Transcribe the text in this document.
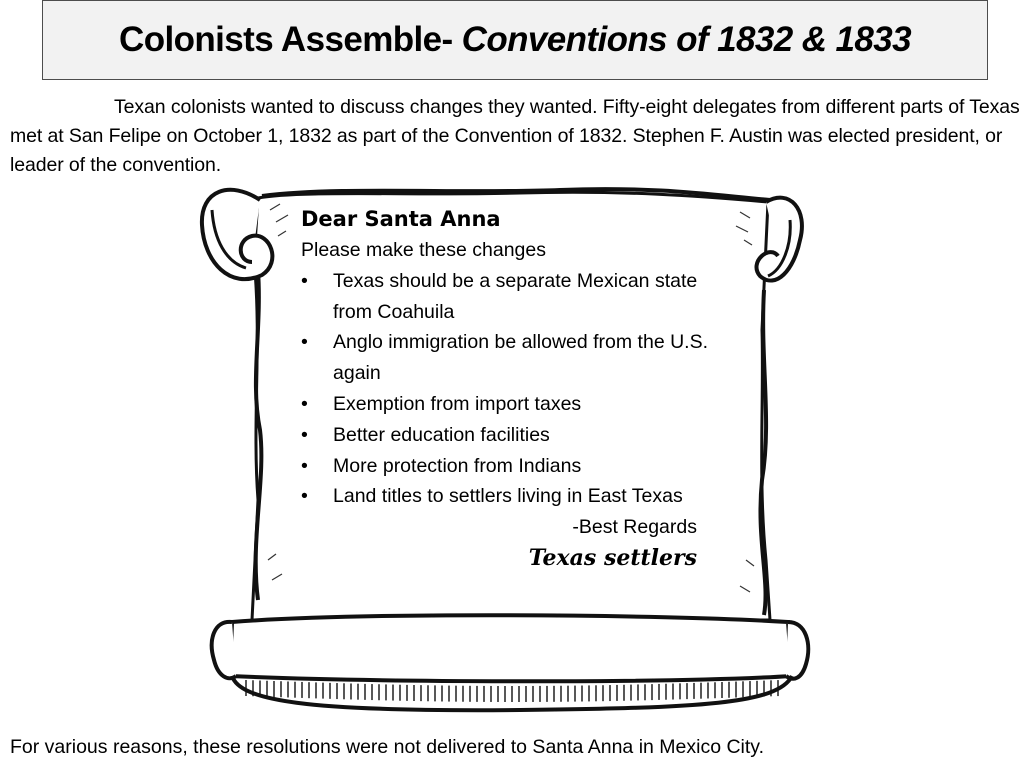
Colonists Assemble- Conventions of 1832 & 1833
Texan colonists wanted to discuss changes they wanted. Fifty-eight delegates from different parts of Texas met at San Felipe on October 1, 1832 as part of the Convention of 1832. Stephen F. Austin was elected president, or leader of the convention.
Dear Santa Anna
Please make these changes
• Texas should be a separate Mexican state from Coahuila
• Anglo immigration be allowed from the U.S. again
• Exemption from import taxes
• Better education facilities
• More protection from Indians
• Land titles to settlers living in East Texas
-Best Regards
Texas settlers
For various reasons, these resolutions were not delivered to Santa Anna in Mexico City.
